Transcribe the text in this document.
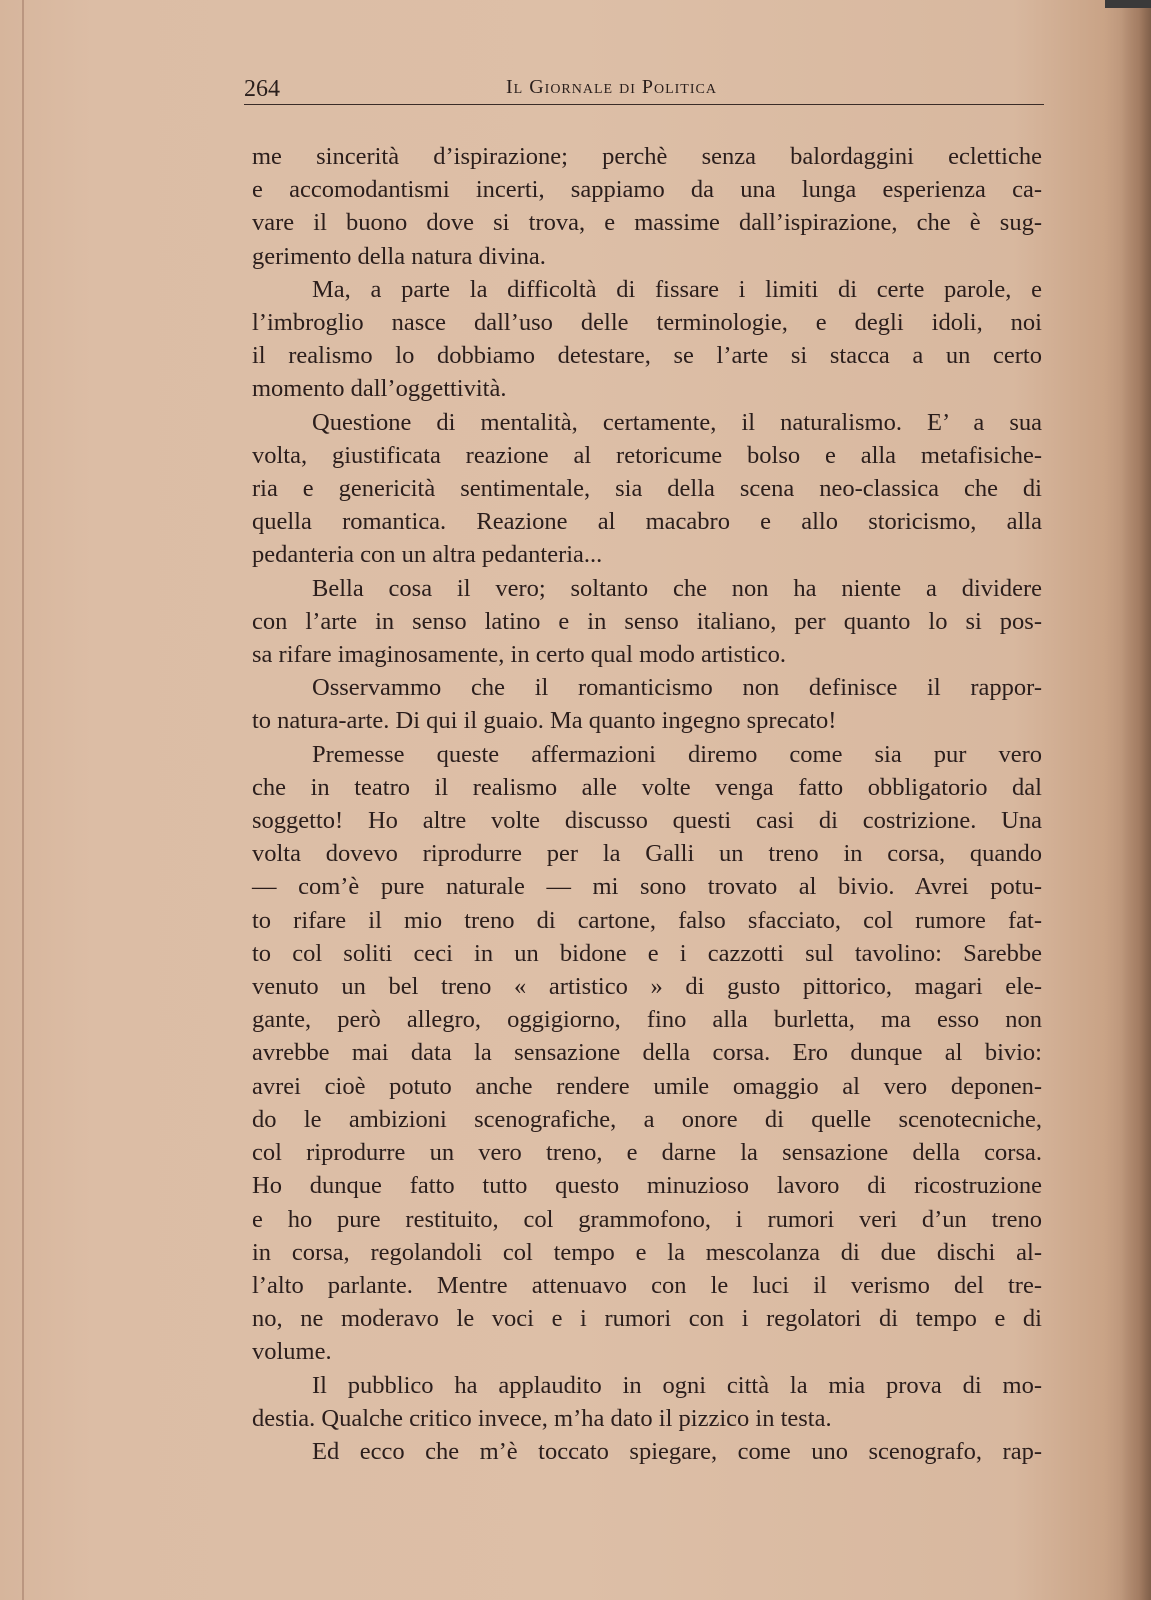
264	Il Giornale di Politica
me sincerità d’ispirazione; perchè senza balordaggini eclettiche
e accomodantismi incerti, sappiamo da una lunga esperienza ca-
vare il buono dove si trova, e massime dall’ispirazione, che è sug-
gerimento della natura divina.
Ma, a parte la difficoltà di fissare i limiti di certe parole, e
l’imbroglio nasce dall’uso delle terminologie, e degli idoli, noi
il realismo lo dobbiamo detestare, se l’arte si stacca a un certo
momento dall’oggettività.
Questione di mentalità, certamente, il naturalismo. E’ a sua
volta, giustificata reazione al retoricume bolso e alla metafisiche-
ria e genericità sentimentale, sia della scena neo-classica che di
quella romantica. Reazione al macabro e allo storicismo, alla
pedanteria con un altra pedanteria...
Bella cosa il vero; soltanto che non ha niente a dividere
con l’arte in senso latino e in senso italiano, per quanto lo si pos-
sa rifare imaginosamente, in certo qual modo artistico.
Osservammo che il romanticismo non definisce il rappor-
to natura-arte. Di qui il guaio. Ma quanto ingegno sprecato!
Premesse queste affermazioni diremo come sia pur vero
che in teatro il realismo alle volte venga fatto obbligatorio dal
soggetto! Ho altre volte discusso questi casi di costrizione. Una
volta dovevo riprodurre per la Galli un treno in corsa, quando
— com’è pure naturale — mi sono trovato al bivio. Avrei potu-
to rifare il mio treno di cartone, falso sfacciato, col rumore fat-
to col soliti ceci in un bidone e i cazzotti sul tavolino: Sarebbe
venuto un bel treno « artistico » di gusto pittorico, magari ele-
gante, però allegro, oggigiorno, fino alla burletta, ma esso non
avrebbe mai data la sensazione della corsa. Ero dunque al bivio:
avrei cioè potuto anche rendere umile omaggio al vero deponen-
do le ambizioni scenografiche, a onore di quelle scenotecniche,
col riprodurre un vero treno, e darne la sensazione della corsa.
Ho dunque fatto tutto questo minuzioso lavoro di ricostruzione
e ho pure restituito, col grammofono, i rumori veri d’un treno
in corsa, regolandoli col tempo e la mescolanza di due dischi al-
l’alto parlante. Mentre attenuavo con le luci il verismo del tre-
no, ne moderavo le voci e i rumori con i regolatori di tempo e di
volume.
Il pubblico ha applaudito in ogni città la mia prova di mo-
destia. Qualche critico invece, m’ha dato il pizzico in testa.
Ed ecco che m’è toccato spiegare, come uno scenografo, rap-
